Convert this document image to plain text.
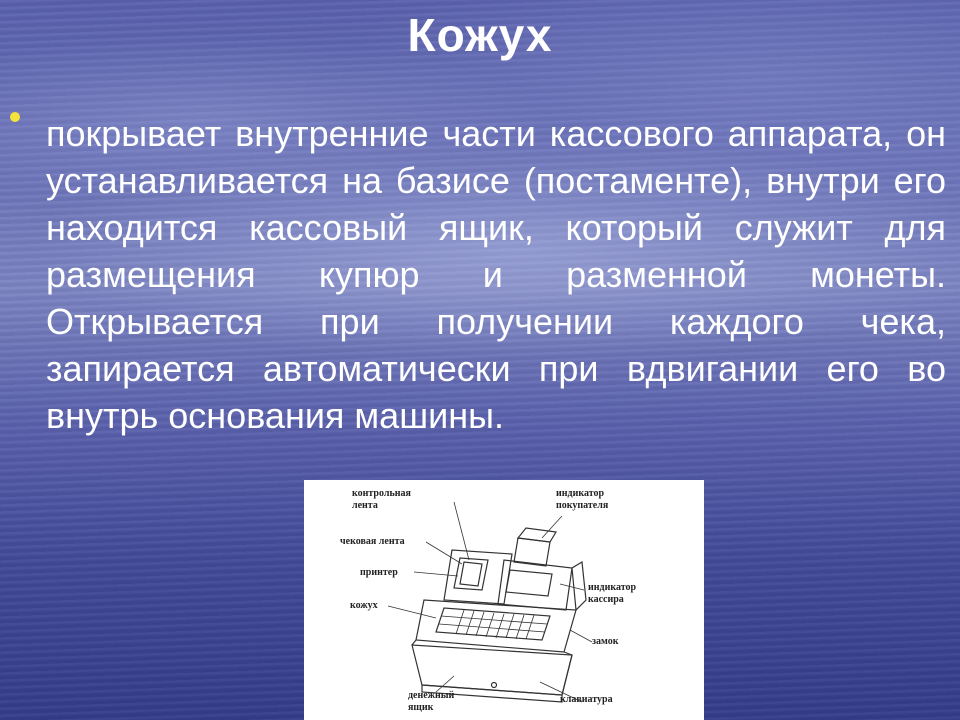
Кожух
покрывает внутренние части кассового аппарата, он устанавливается на базисе (постаменте), внутри его находится кассовый ящик, который служит для размещения купюр и разменной монеты. Открывается при получении каждого чека, запирается автоматически при вдвигании его во внутрь основания машины.
контрольная
лента
индикатор
покупателя
чековая лента
принтер
индикатор
кассира
кожух
замок
денежный
ящик
клавиатура
